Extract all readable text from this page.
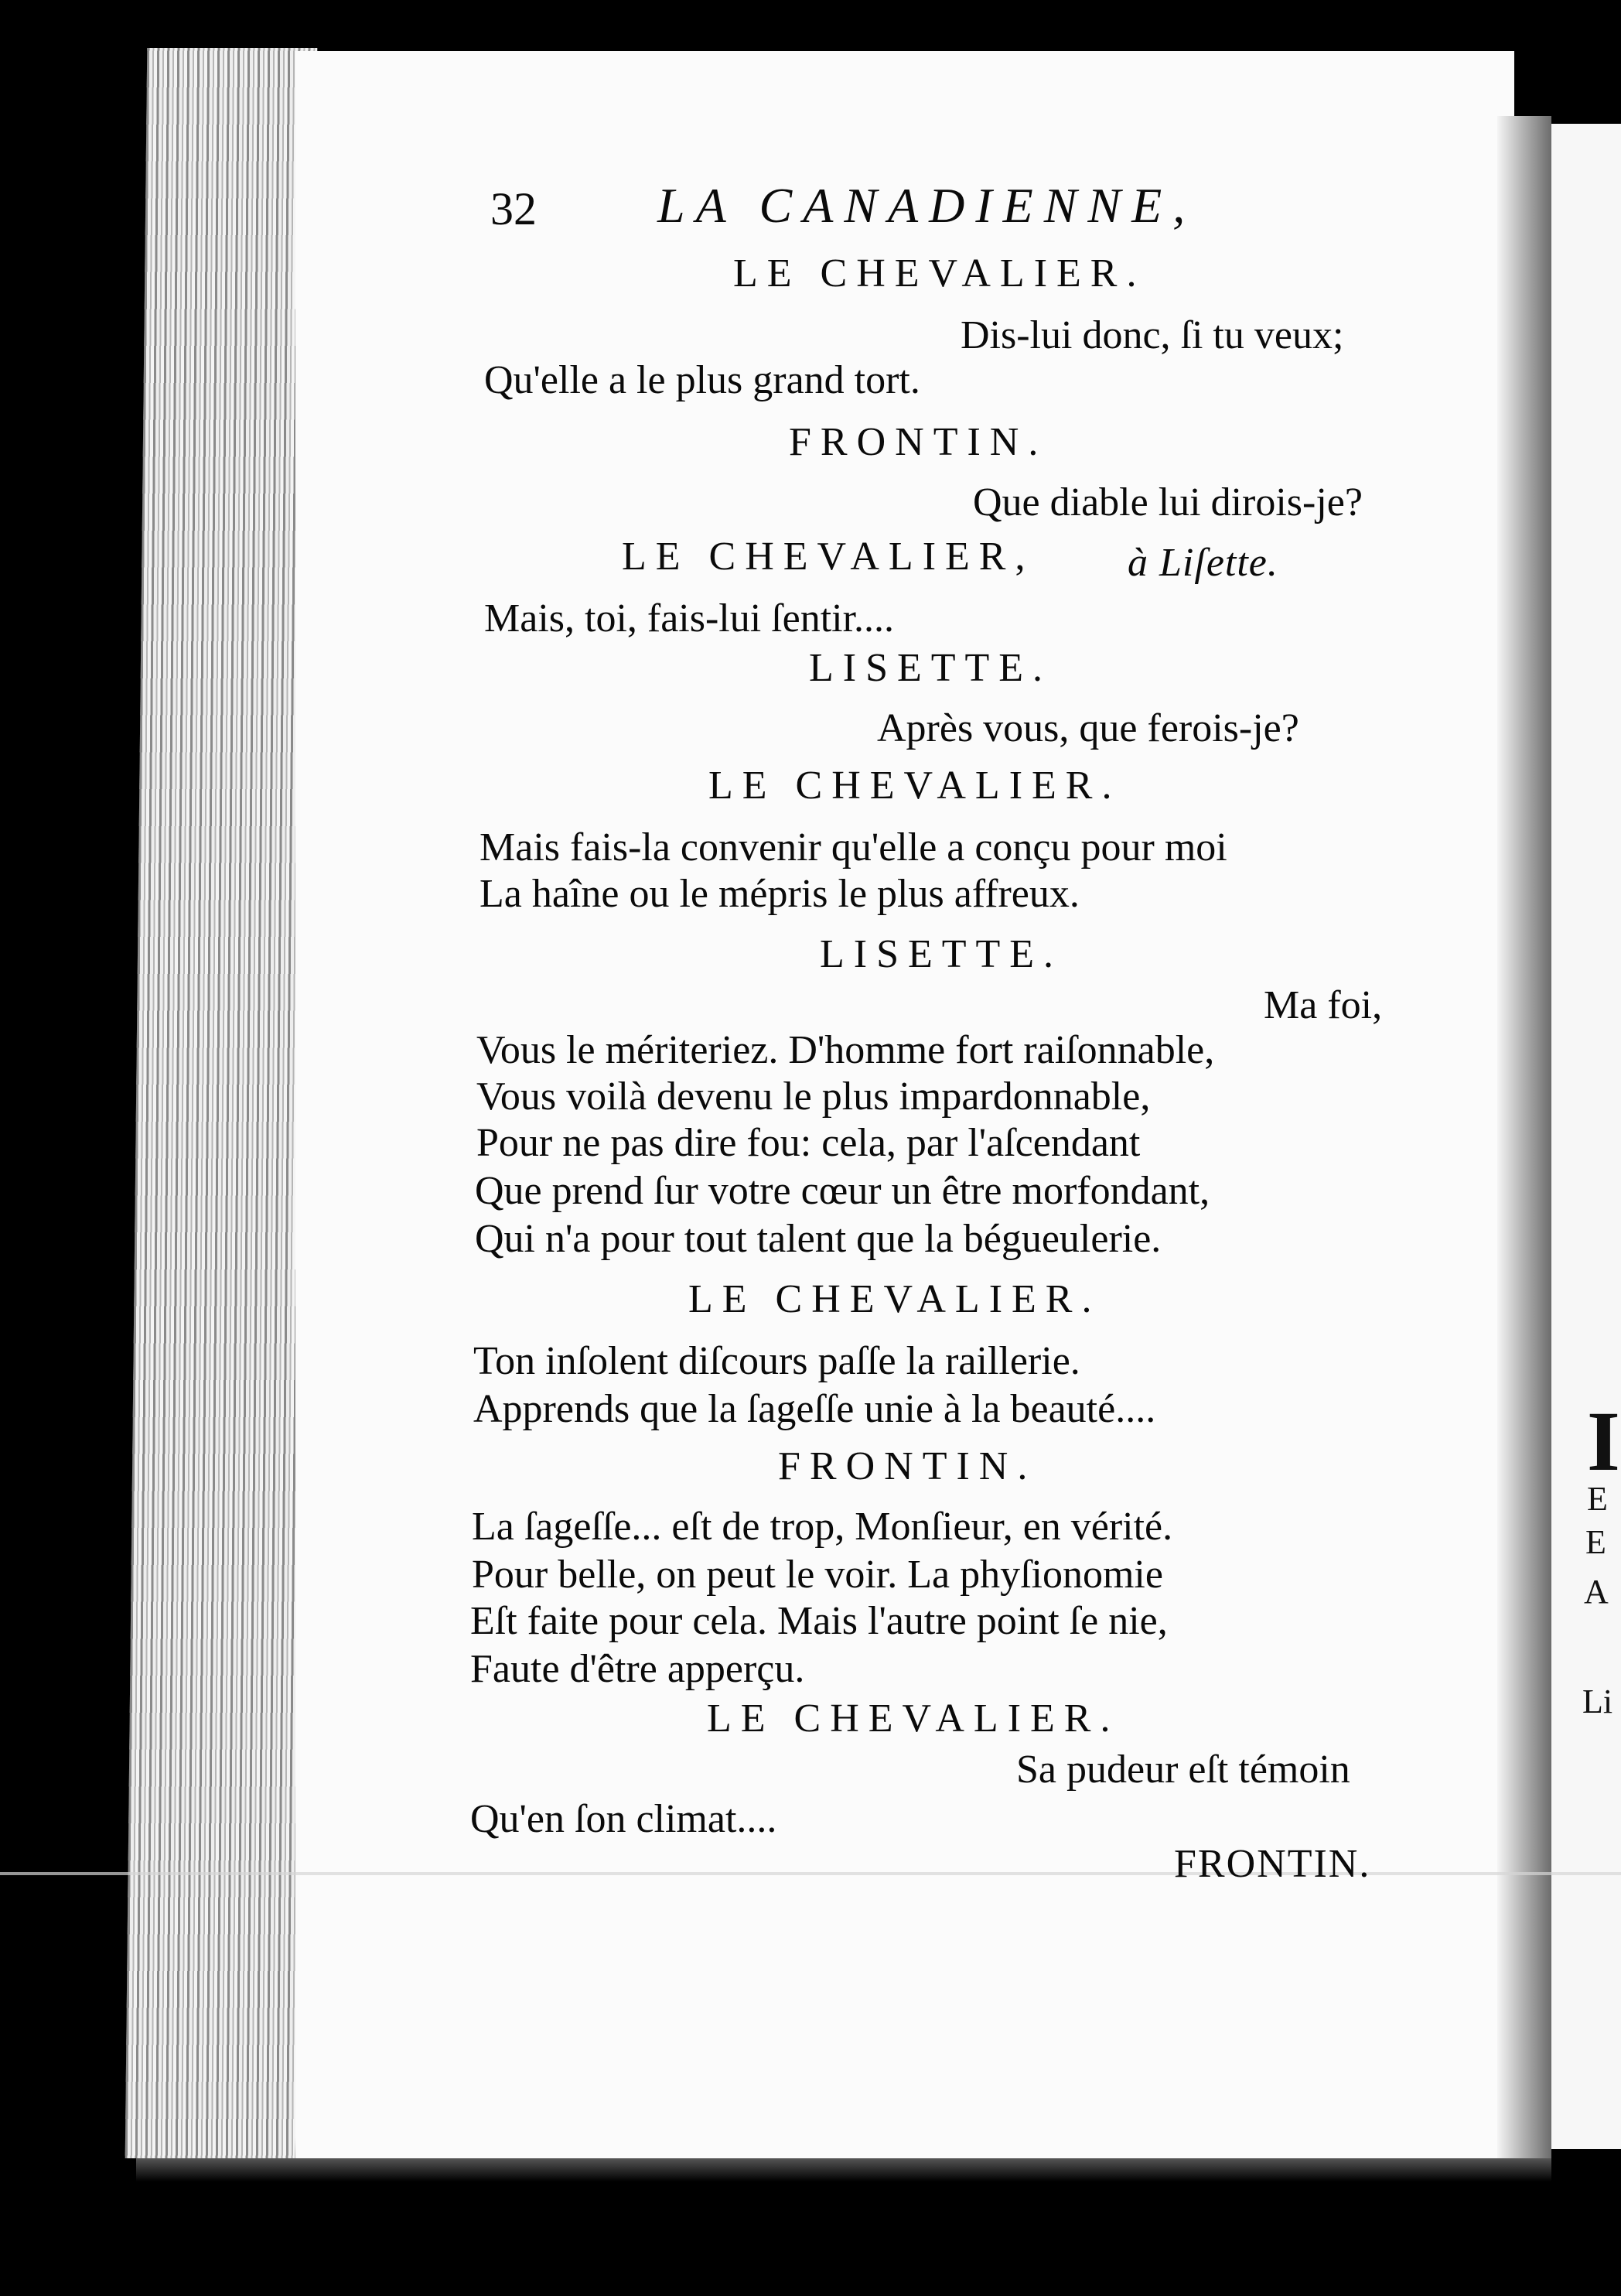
I
E
E
A
Li
32 LA CANADIENNE,
LE CHEVALIER.
Dis-lui donc, ſi tu veux;
Qu'elle a le plus grand tort.
FRONTIN.
Que diable lui dirois-je?
LE CHEVALIER, à Liſette.
Mais, toi, fais-lui ſentir....
LISETTE.
Après vous, que ferois-je?
LE CHEVALIER.
Mais fais-la convenir qu'elle a conçu pour moi
La haîne ou le mépris le plus affreux.
LISETTE.
Ma foi,
Vous le mériteriez. D'homme fort raiſonnable,
Vous voilà devenu le plus impardonnable,
Pour ne pas dire fou: cela, par l'aſcendant
Que prend ſur votre cœur un être morfondant,
Qui n'a pour tout talent que la bégueulerie.
LE CHEVALIER.
Ton inſolent diſcours paſſe la raillerie.
Apprends que la ſageſſe unie à la beauté....
FRONTIN.
La ſageſſe... eſt de trop, Monſieur, en vérité.
Pour belle, on peut le voir. La phyſionomie
Eſt faite pour cela. Mais l'autre point ſe nie,
Faute d'être apperçu.
LE CHEVALIER.
Sa pudeur eſt témoin
Qu'en ſon climat....
FRONTIN.
